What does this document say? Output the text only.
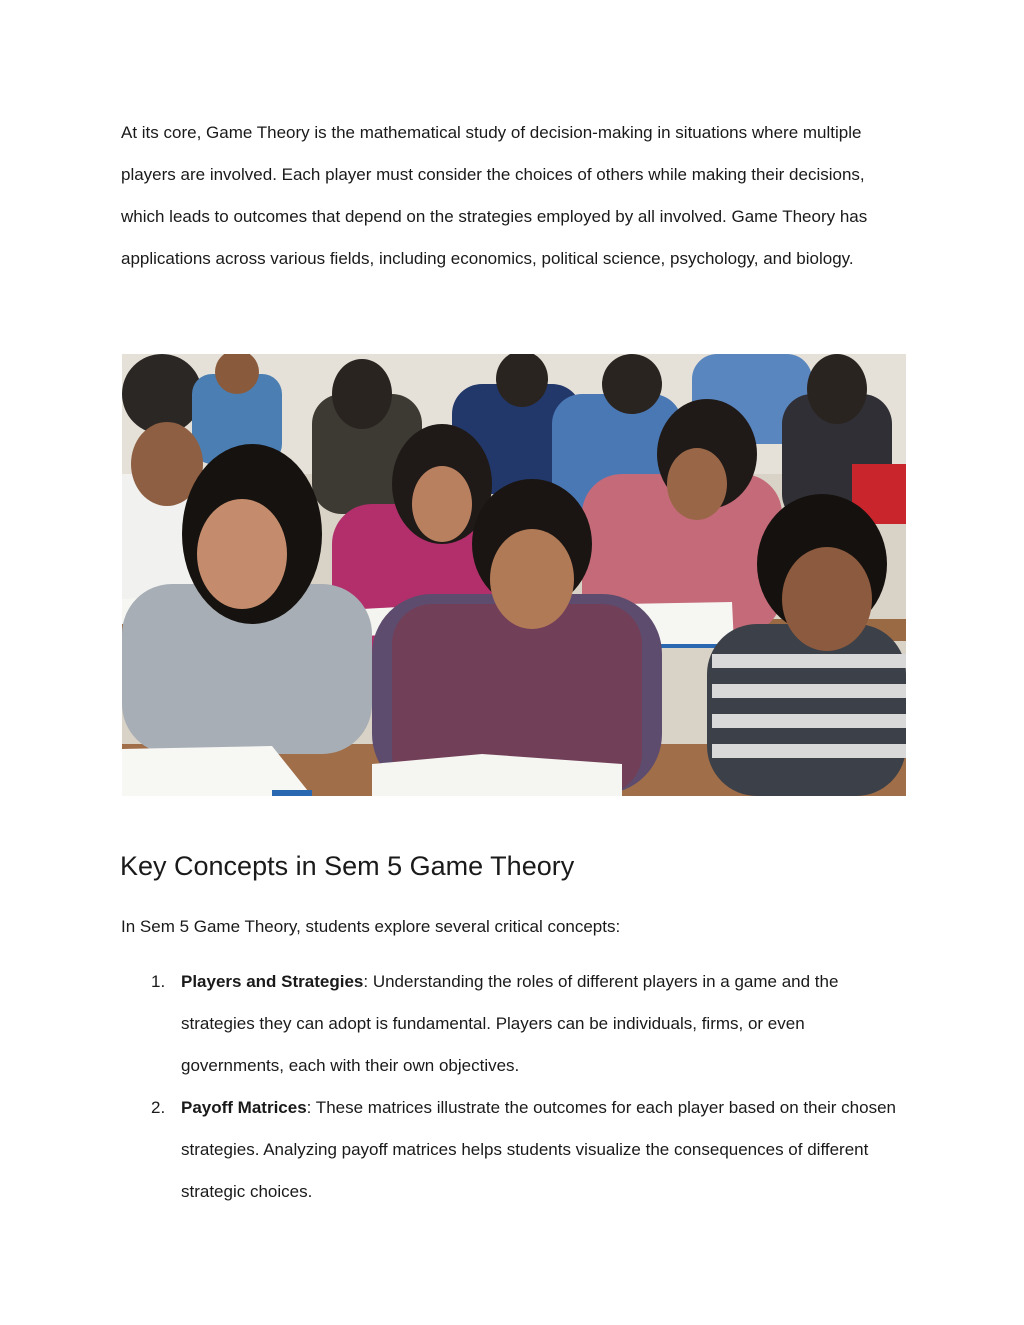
At its core, Game Theory is the mathematical study of decision-making in situations where multiple players are involved. Each player must consider the choices of others while making their decisions, which leads to outcomes that depend on the strategies employed by all involved. Game Theory has applications across various fields, including economics, political science, psychology, and biology.

Key Concepts in Sem 5 Game Theory

In Sem 5 Game Theory, students explore several critical concepts:

1. Players and Strategies: Understanding the roles of different players in a game and the strategies they can adopt is fundamental. Players can be individuals, firms, or even governments, each with their own objectives.
2. Payoff Matrices: These matrices illustrate the outcomes for each player based on their chosen strategies. Analyzing payoff matrices helps students visualize the consequences of different strategic choices.
